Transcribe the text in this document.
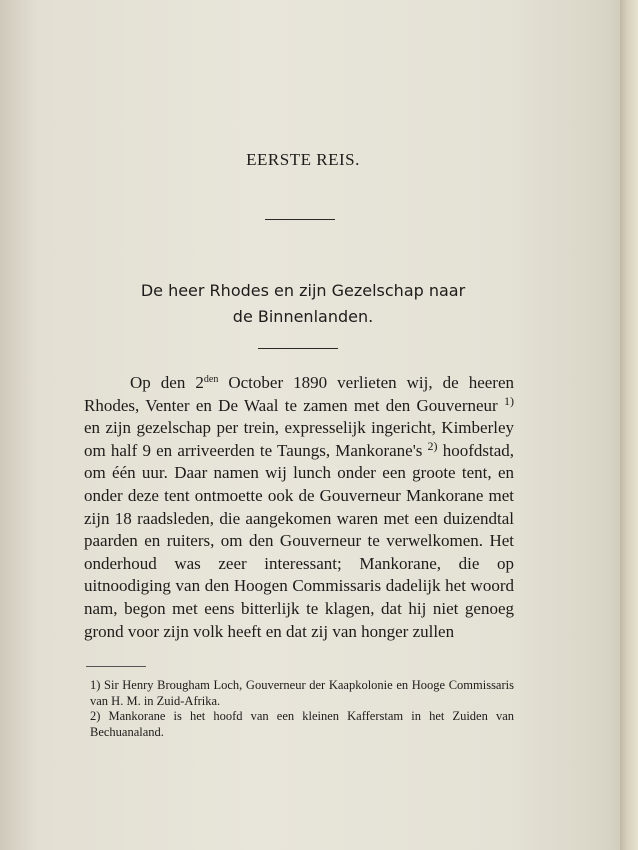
EERSTE REIS.
De heer Rhodes en zijn Gezelschap naar
de Binnenlanden.

Op den $2^{den}$ October 1890 verlieten wij, de heeren Rhodes, Venter en De Waal te zamen met den Gouverneur $^{1)}$ en zijn gezelschap per trein, expresselijk ingericht, Kimberley om half 9 en arriveerden te Taungs, Mankorane's $^{2)}$ hoofdstad, om één uur. Daar namen wij lunch onder een groote tent, en onder deze tent ontmoette ook de Gouverneur Mankorane met zijn 18 raadsleden, die aangekomen waren met een duizendtal paarden en ruiters, om den Gouverneur te verwelkomen. Het onderhoud was zeer interessant; Mankorane, die op uitnoodiging van den Hoogen Commissaris dadelijk het woord nam, begon met eens bitterlijk te klagen, dat hij niet genoeg grond voor zijn volk heeft en dat zij van honger zullen

1) Sir Henry Brougham Loch, Gouverneur der Kaapkolonie en Hooge Commissaris van H. M. in Zuid-Afrika.

2) Mankorane is het hoofd van een kleinen Kafferstam in het Zuiden van Bechuanaland.
